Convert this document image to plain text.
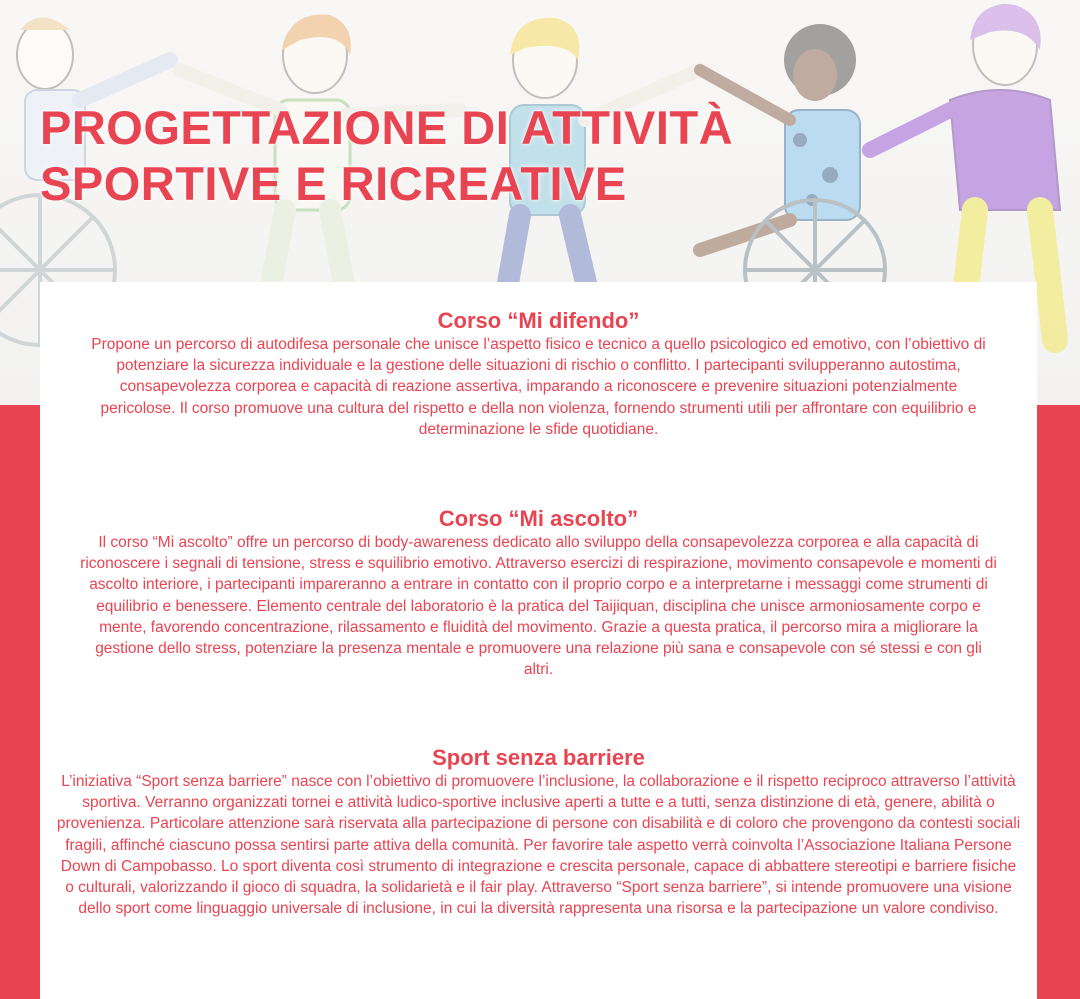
PROGETTAZIONE DI ATTIVITÀ
SPORTIVE E RICREATIVE
Corso “Mi difendo”

Propone un percorso di autodifesa personale che unisce l’aspetto fisico e tecnico a quello psicologico ed emotivo, con l’obiettivo di potenziare la sicurezza individuale e la gestione delle situazioni di rischio o conflitto. I partecipanti svilupperanno autostima, consapevolezza corporea e capacità di reazione assertiva, imparando a riconoscere e prevenire situazioni potenzialmente pericolose. Il corso promuove una cultura del rispetto e della non violenza, fornendo strumenti utili per affrontare con equilibrio e determinazione le sfide quotidiane.

Corso “Mi ascolto”

Il corso “Mi ascolto” offre un percorso di body-awareness dedicato allo sviluppo della consapevolezza corporea e alla capacità di riconoscere i segnali di tensione, stress e squilibrio emotivo. Attraverso esercizi di respirazione, movimento consapevole e momenti di ascolto interiore, i partecipanti impareranno a entrare in contatto con il proprio corpo e a interpretarne i messaggi come strumenti di equilibrio e benessere. Elemento centrale del laboratorio è la pratica del Taijiquan, disciplina che unisce armoniosamente corpo e mente, favorendo concentrazione, rilassamento e fluidità del movimento. Grazie a questa pratica, il percorso mira a migliorare la gestione dello stress, potenziare la presenza mentale e promuovere una relazione più sana e consapevole con sé stessi e con gli altri.

Sport senza barriere

L’iniziativa “Sport senza barriere” nasce con l’obiettivo di promuovere l’inclusione, la collaborazione e il rispetto reciproco attraverso l’attività sportiva. Verranno organizzati tornei e attività ludico-sportive inclusive aperti a tutte e a tutti, senza distinzione di età, genere, abilità o provenienza. Particolare attenzione sarà riservata alla partecipazione di persone con disabilità e di coloro che provengono da contesti sociali fragili, affinché ciascuno possa sentirsi parte attiva della comunità. Per favorire tale aspetto verrà coinvolta l’Associazione Italiana Persone Down di Campobasso. Lo sport diventa così strumento di integrazione e crescita personale, capace di abbattere stereotipi e barriere fisiche o culturali, valorizzando il gioco di squadra, la solidarietà e il fair play. Attraverso “Sport senza barriere”, si intende promuovere una visione dello sport come linguaggio universale di inclusione, in cui la diversità rappresenta una risorsa e la partecipazione un valore condiviso.
